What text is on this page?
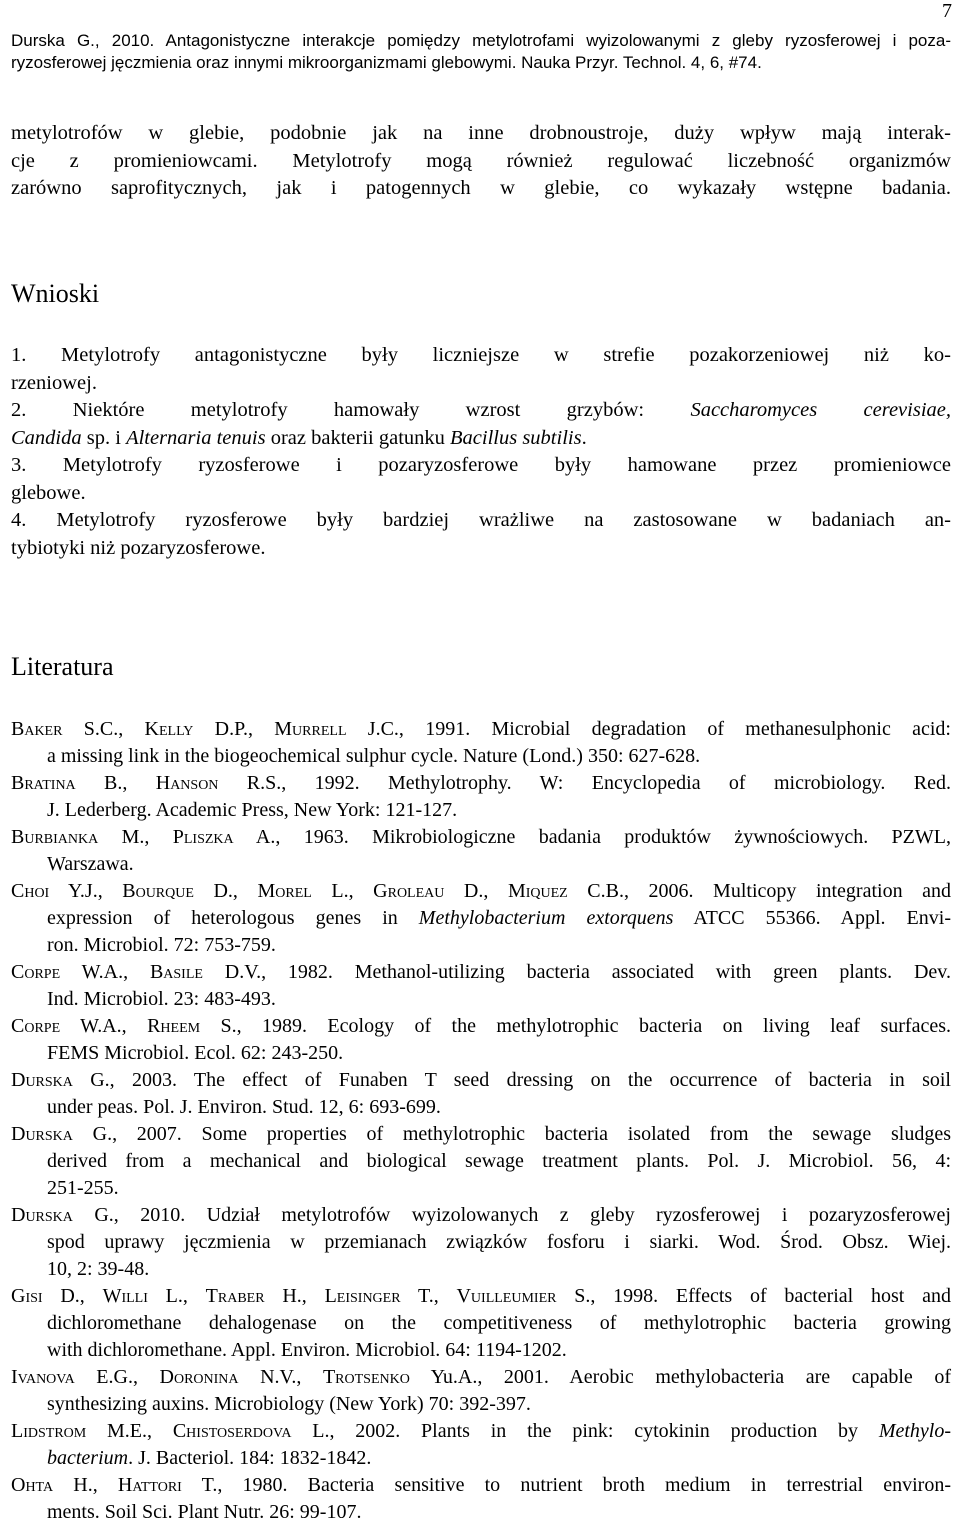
7
Durska G., 2010. Antagonistyczne interakcje pomiędzy metylotrofami wyizolowanymi z gleby ryzosferowej i poza-
ryzosferowej jęczmienia oraz innymi mikroorganizmami glebowymi. Nauka Przyr. Technol. 4, 6, #74.
metylotrofów w glebie, podobnie jak na inne drobnoustroje, duży wpływ mają interak-
cje z promieniowcami. Metylotrofy mogą również regulować liczebność organizmów
zarówno saprofitycznych, jak i patogennych w glebie, co wykazały wstępne badania.
Wnioski
1. Metylotrofy antagonistyczne były liczniejsze w strefie pozakorzeniowej niż ko-
rzeniowej.
2. Niektóre metylotrofy hamowały wzrost grzybów: Saccharomyces cerevisiae,
Candida sp. i Alternaria tenuis oraz bakterii gatunku Bacillus subtilis.
3. Metylotrofy ryzosferowe i pozaryzosferowe były hamowane przez promieniowce
glebowe.
4. Metylotrofy ryzosferowe były bardziej wrażliwe na zastosowane w badaniach an-
tybiotyki niż pozaryzosferowe.
Literatura
Baker S.C., Kelly D.P., Murrell J.C., 1991. Microbial degradation of methanesulphonic acid:
a missing link in the biogeochemical sulphur cycle. Nature (Lond.) 350: 627-628.
Bratina B., Hanson R.S., 1992. Methylotrophy. W: Encyclopedia of microbiology. Red.
J. Lederberg. Academic Press, New York: 121-127.
Burbianka M., Pliszka A., 1963. Mikrobiologiczne badania produktów żywnościowych. PZWL,
Warszawa.
Choi Y.J., Bourque D., Morel L., Groleau D., Miquez C.B., 2006. Multicopy integration and
expression of heterologous genes in Methylobacterium extorquens ATCC 55366. Appl. Envi-
ron. Microbiol. 72: 753-759.
Corpe W.A., Basile D.V., 1982. Methanol-utilizing bacteria associated with green plants. Dev.
Ind. Microbiol. 23: 483-493.
Corpe W.A., Rheem S., 1989. Ecology of the methylotrophic bacteria on living leaf surfaces.
FEMS Microbiol. Ecol. 62: 243-250.
Durska G., 2003. The effect of Funaben T seed dressing on the occurrence of bacteria in soil
under peas. Pol. J. Environ. Stud. 12, 6: 693-699.
Durska G., 2007. Some properties of methylotrophic bacteria isolated from the sewage sludges
derived from a mechanical and biological sewage treatment plants. Pol. J. Microbiol. 56, 4:
251-255.
Durska G., 2010. Udział metylotrofów wyizolowanych z gleby ryzosferowej i pozaryzosferowej
spod uprawy jęczmienia w przemianach związków fosforu i siarki. Wod. Środ. Obsz. Wiej.
10, 2: 39-48.
Gisi D., Willi L., Traber H., Leisinger T., Vuilleumier S., 1998. Effects of bacterial host and
dichloromethane dehalogenase on the competitiveness of methylotrophic bacteria growing
with dichloromethane. Appl. Environ. Microbiol. 64: 1194-1202.
Ivanova E.G., Doronina N.V., Trotsenko Yu.A., 2001. Aerobic methylobacteria are capable of
synthesizing auxins. Microbiology (New York) 70: 392-397.
Lidstrom M.E., Chistoserdova L., 2002. Plants in the pink: cytokinin production by Methylo-
bacterium. J. Bacteriol. 184: 1832-1842.
Ohta H., Hattori T., 1980. Bacteria sensitive to nutrient broth medium in terrestrial environ-
ments. Soil Sci. Plant Nutr. 26: 99-107.
